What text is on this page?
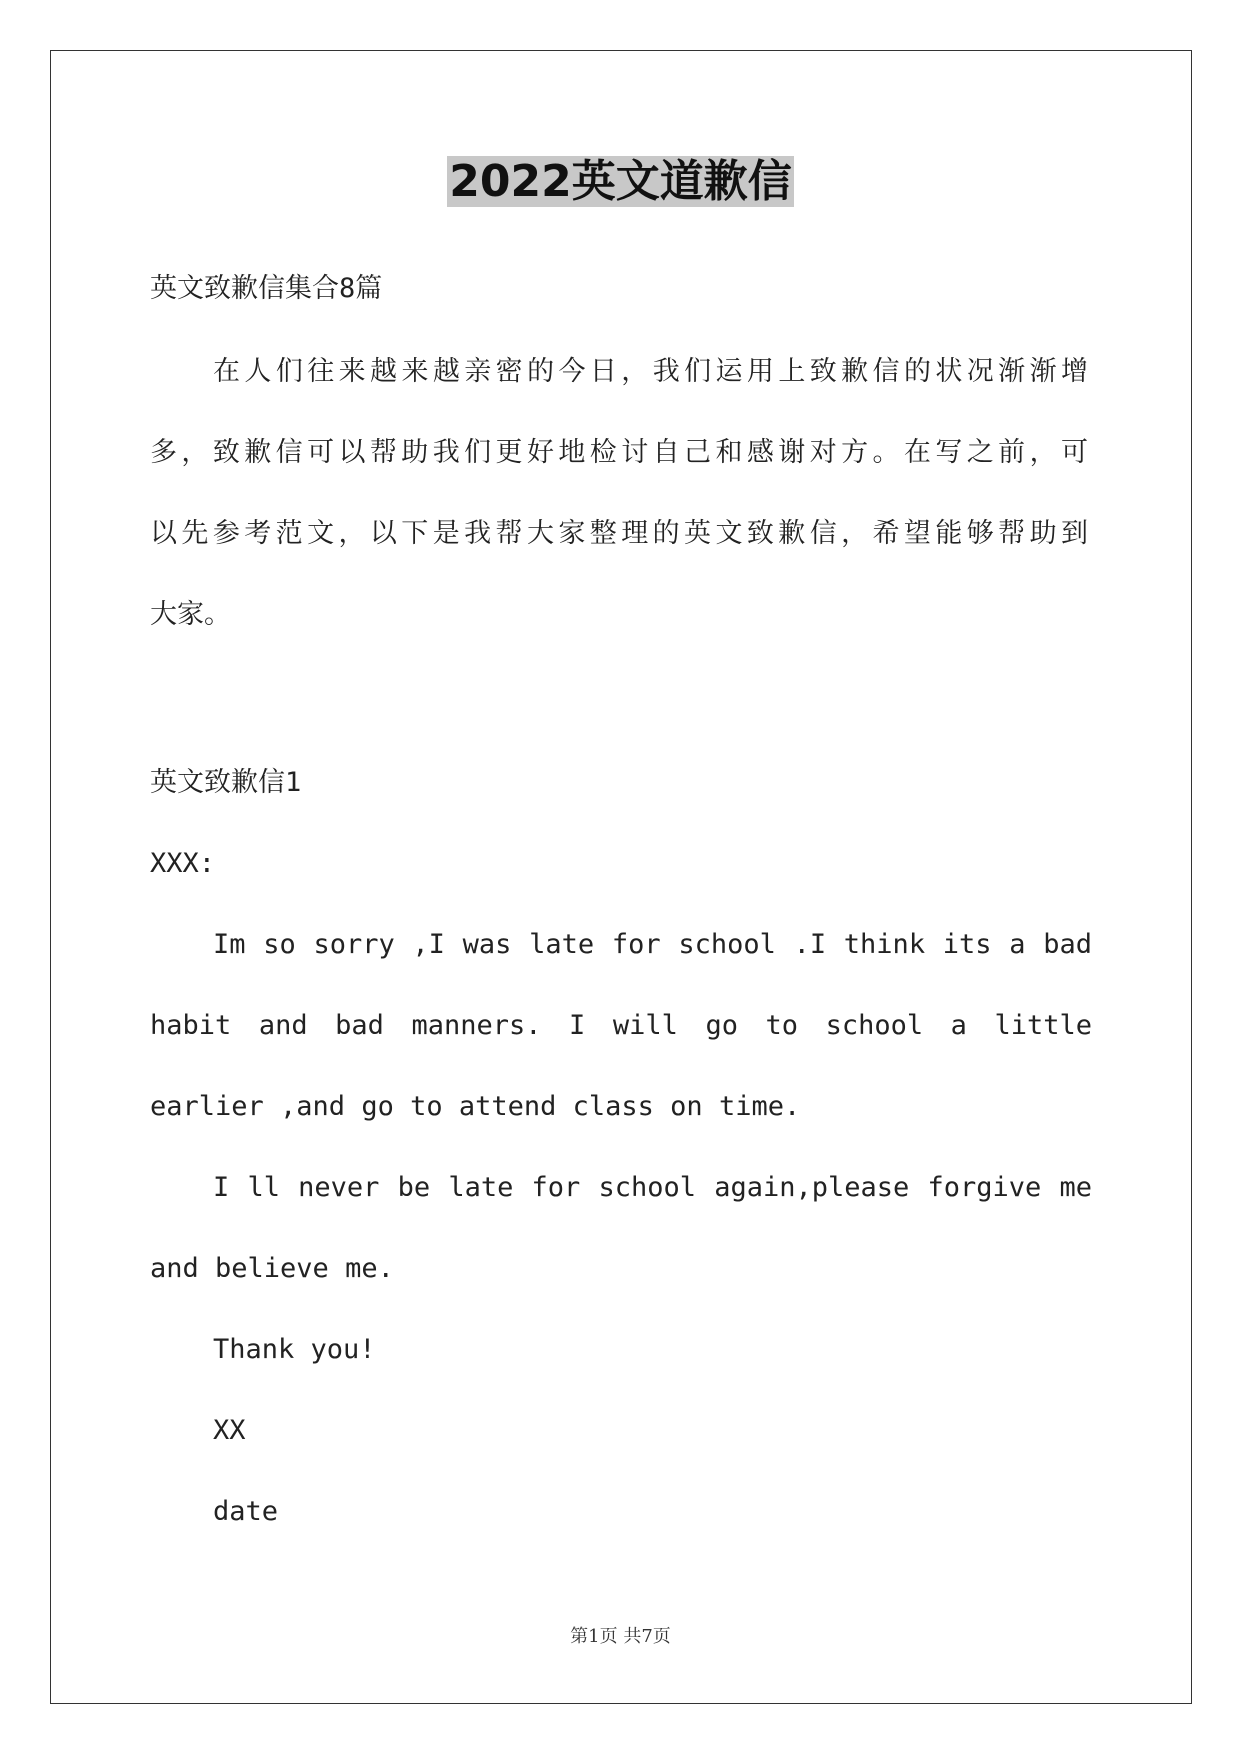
2022英文道歉信
英文致歉信集合8篇
在人们往来越来越亲密的今日，我们运用上致歉信的状况渐渐增
多，致歉信可以帮助我们更好地检讨自己和感谢对方。在写之前，可
以先参考范文，以下是我帮大家整理的英文致歉信，希望能够帮助到
大家。
英文致歉信1
XXX:
Im so sorry ,I was late for school .I think its a bad
habit and bad manners. I will go to school a little
earlier ,and go to attend class on time.
I ll never be late for school again,please forgive me
and believe me.
Thank you!
XX
date
第1页 共7页
